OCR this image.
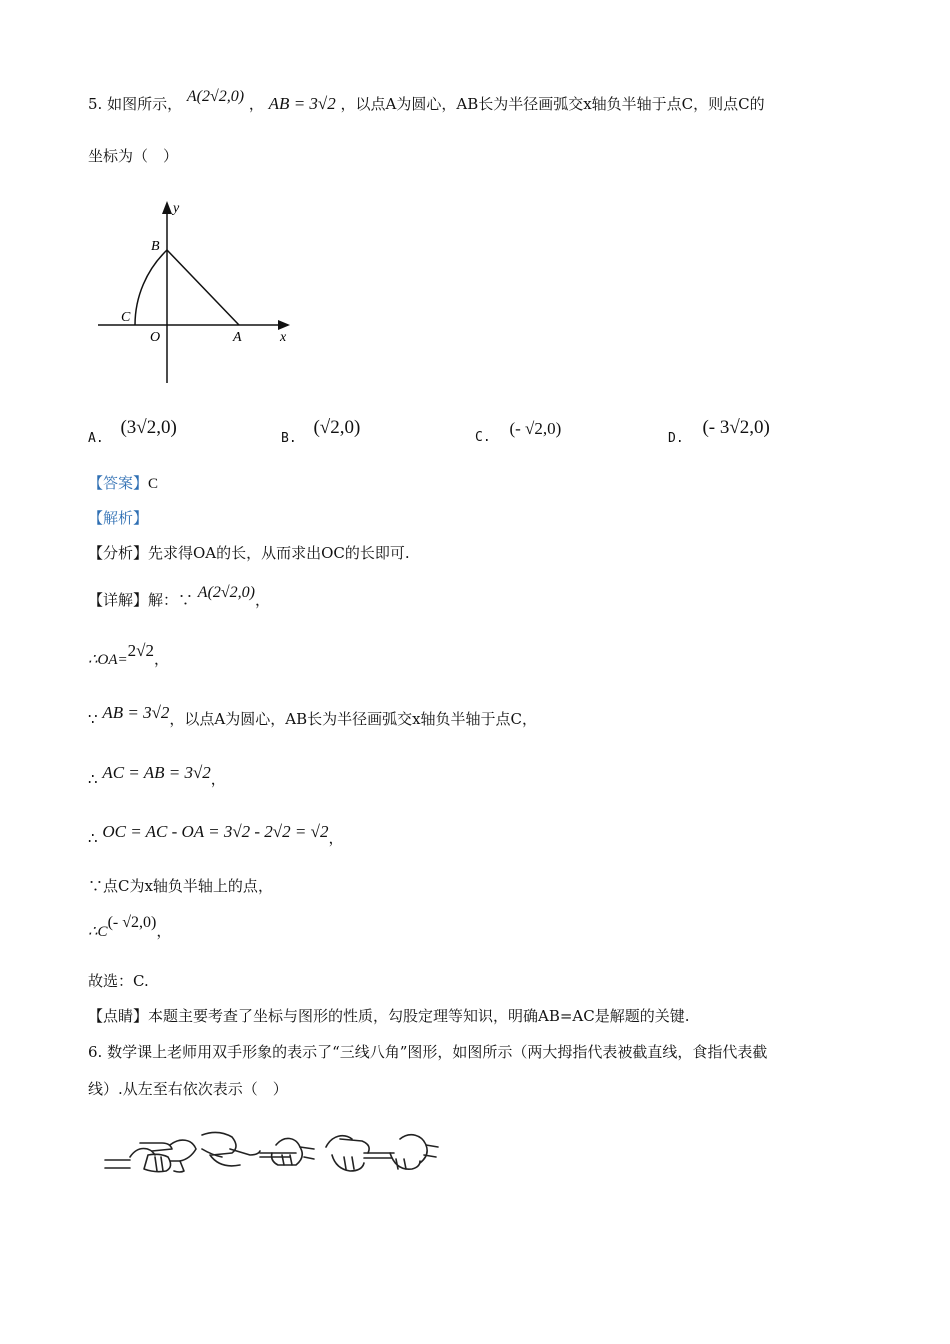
5. 如图所示， A(2√2,0) ， AB = 3√2 ，以点A为圆心，AB长为半径画弧交x轴负半轴于点C，则点C的
坐标为（　）
y
B
C
O	A	x
A. (3√2,0)
B. (√2,0)	C. (- √2,0)
D. (- 3√2,0)
【答案】C
【解析】
【分析】先求得OA的长，从而求出OC的长即可.
【详解】解：∵ A(2√2,0)，
∴OA=2√2，
∵ AB = 3√2，以点A为圆心，AB长为半径画弧交x轴负半轴于点C，
∴ AC = AB = 3√2，
∴ OC = AC - OA = 3√2 - 2√2 = √2，
∵点C为x轴负半轴上的点，
∴C(- √2,0)，
故选：C.
【点睛】本题主要考查了坐标与图形的性质，勾股定理等知识，明确AB=AC是解题的关键.
6. 数学课上老师用双手形象的表示了“三线八角”图形，如图所示（两大拇指代表被截直线，食指代表截
线）.从左至右依次表示（　）
